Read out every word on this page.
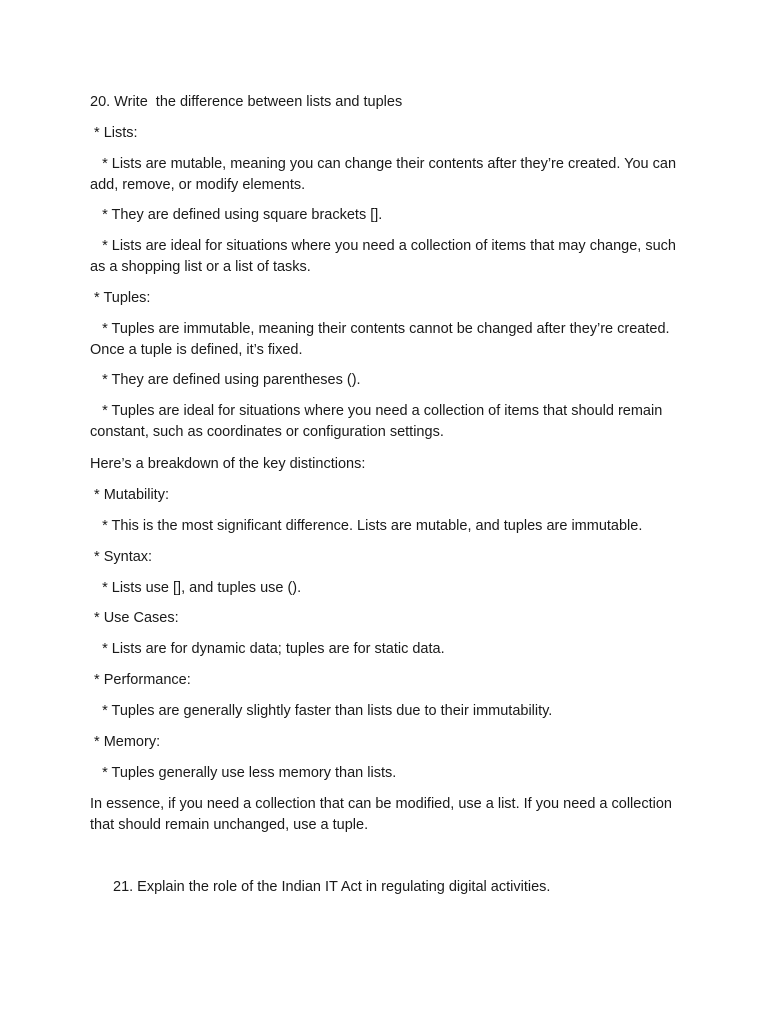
20. Write  the difference between lists and tuples
* Lists:
* Lists are mutable, meaning you can change their contents after they’re created. You can add, remove, or modify elements.
* They are defined using square brackets [].
* Lists are ideal for situations where you need a collection of items that may change, such as a shopping list or a list of tasks.
* Tuples:
* Tuples are immutable, meaning their contents cannot be changed after they’re created. Once a tuple is defined, it’s fixed.
* They are defined using parentheses ().
* Tuples are ideal for situations where you need a collection of items that should remain constant, such as coordinates or configuration settings.
Here’s a breakdown of the key distinctions:
* Mutability:
* This is the most significant difference. Lists are mutable, and tuples are immutable.
* Syntax:
* Lists use [], and tuples use ().
* Use Cases:
* Lists are for dynamic data; tuples are for static data.
* Performance:
* Tuples are generally slightly faster than lists due to their immutability.
* Memory:
* Tuples generally use less memory than lists.
In essence, if you need a collection that can be modified, use a list. If you need a collection that should remain unchanged, use a tuple.
21. Explain the role of the Indian IT Act in regulating digital activities.
